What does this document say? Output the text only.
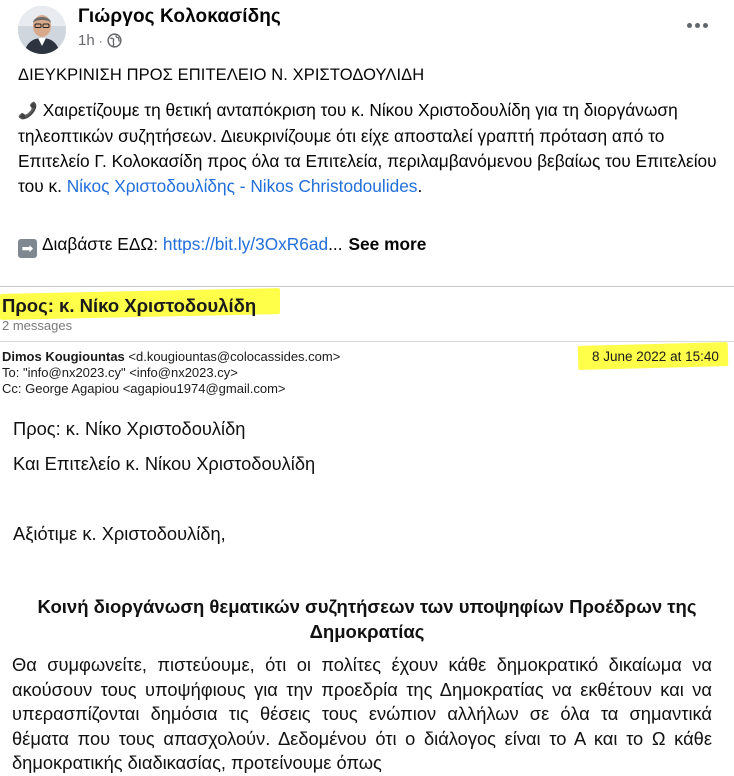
Γιώργος Κολοκασίδης
1h ·
ΔΙΕΥΚΡΙΝΙΣΗ ΠΡΟΣ ΕΠΙΤΕΛΕΙΟ Ν. ΧΡΙΣΤΟΔΟΥΛΙΔΗ
📞 Χαιρετίζουμε τη θετική ανταπόκριση του κ. Νίκου Χριστοδουλίδη για τη διοργάνωση τηλεοπτικών συζητήσεων. Διευκρινίζουμε ότι είχε αποσταλεί γραπτή πρόταση από το Επιτελείο Γ. Κολοκασίδη προς όλα τα Επιτελεία, περιλαμβανόμενου βεβαίως του Επιτελείου του κ. Νίκος Χριστοδουλίδης - Nikos Christodoulides.
➡ Διαβάστε ΕΔΩ: https://bit.ly/3OxR6ad... See more
Προς: κ. Νίκο Χριστοδουλίδη
2 messages
Dimos Kougiountas <d.kougiountas@colocassides.com>
To: "info@nx2023.cy" <info@nx2023.cy>
Cc: George Agapiou <agapiou1974@gmail.com>
8 June 2022 at 15:40
Προς: κ. Νίκο Χριστοδουλίδη
Και Επιτελείο κ. Νίκου Χριστοδουλίδη
Αξιότιμε κ. Χριστοδουλίδη,
Κοινή διοργάνωση θεματικών συζητήσεων των υποψηφίων Προέδρων της Δημοκρατίας
Θα συμφωνείτε, πιστεύουμε, ότι οι πολίτες έχουν κάθε δημοκρατικό δικαίωμα να ακούσουν τους υποψήφιους για την προεδρία της Δημοκρατίας να εκθέτουν και να υπερασπίζονται δημόσια τις θέσεις τους ενώπιον αλλήλων σε όλα τα σημαντικά θέματα που τους απασχολούν. Δεδομένου ότι ο διάλογος είναι το Α και το Ω κάθε δημοκρατικής διαδικασίας, προτείνουμε όπως
